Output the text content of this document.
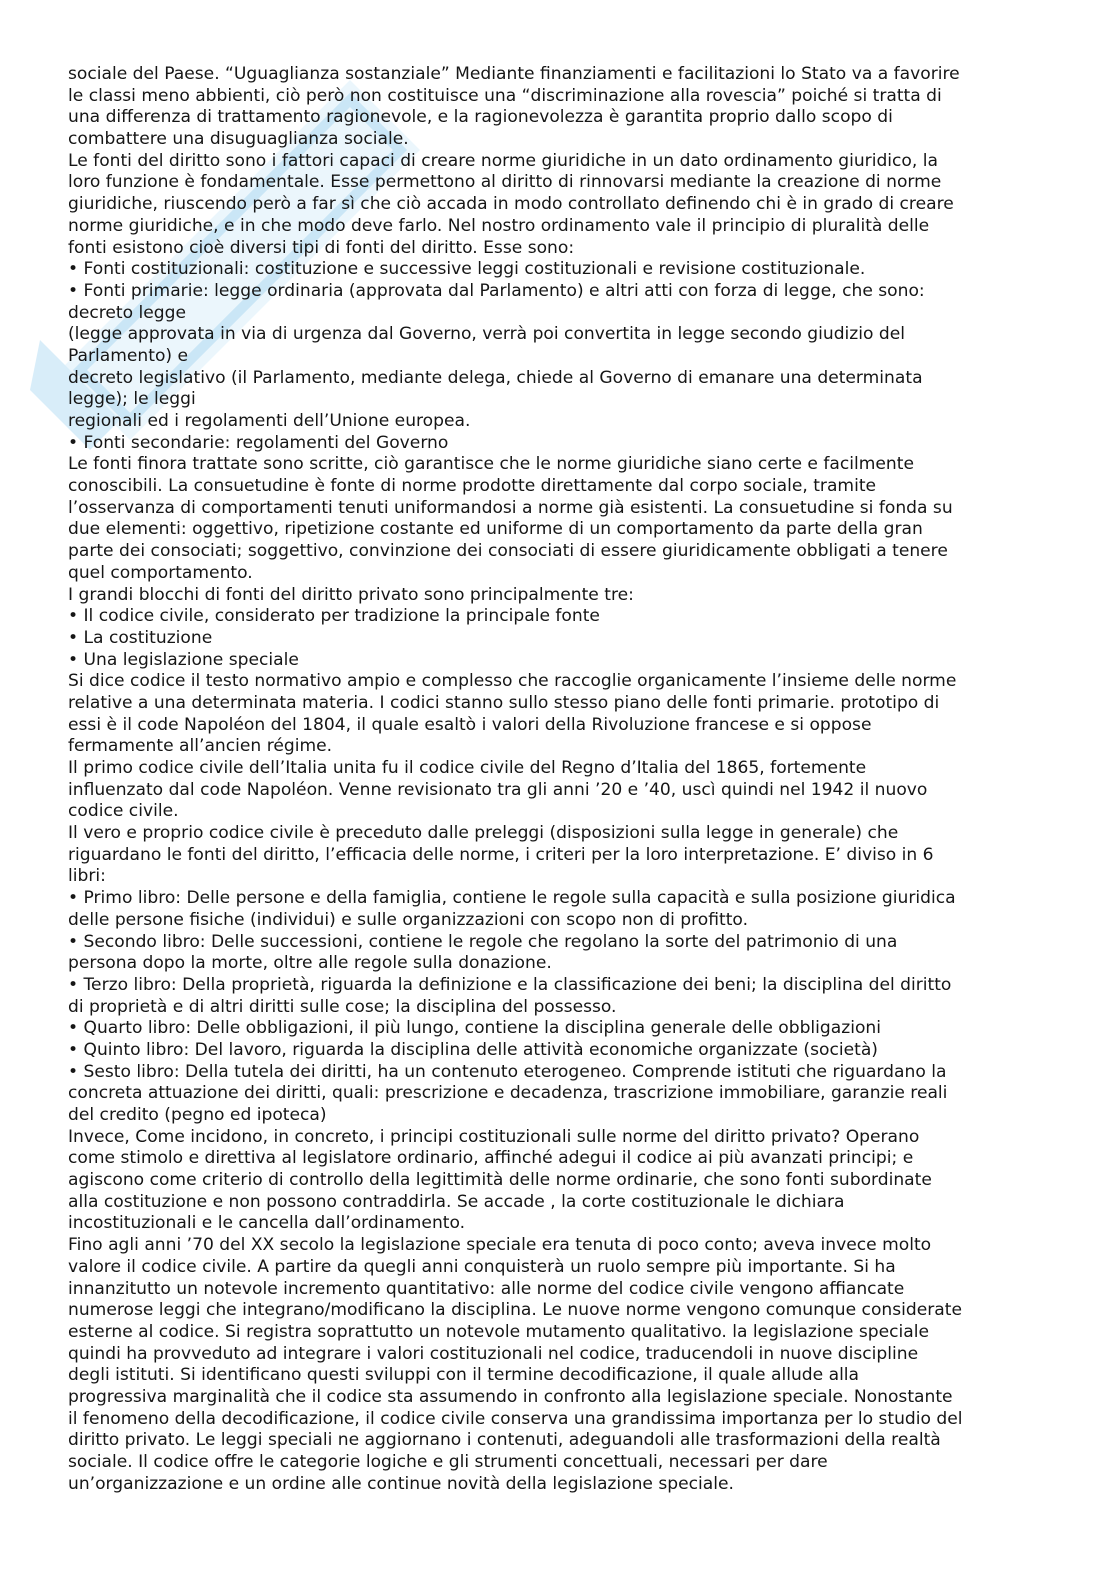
sociale del Paese. “Uguaglianza sostanziale” Mediante finanziamenti e facilitazioni lo Stato va a favorire
le classi meno abbienti, ciò però non costituisce una “discriminazione alla rovescia” poiché si tratta di
una differenza di trattamento ragionevole, e la ragionevolezza è garantita proprio dallo scopo di
combattere una disuguaglianza sociale.
Le fonti del diritto sono i fattori capaci di creare norme giuridiche in un dato ordinamento giuridico, la
loro funzione è fondamentale. Esse permettono al diritto di rinnovarsi mediante la creazione di norme
giuridiche, riuscendo però a far sì che ciò accada in modo controllato definendo chi è in grado di creare
norme giuridiche, e in che modo deve farlo. Nel nostro ordinamento vale il principio di pluralità delle
fonti esistono cioè diversi tipi di fonti del diritto. Esse sono:
• Fonti costituzionali: costituzione e successive leggi costituzionali e revisione costituzionale.
• Fonti primarie: legge ordinaria (approvata dal Parlamento) e altri atti con forza di legge, che sono:
decreto legge
(legge approvata in via di urgenza dal Governo, verrà poi convertita in legge secondo giudizio del
Parlamento) e
decreto legislativo (il Parlamento, mediante delega, chiede al Governo di emanare una determinata
legge); le leggi
regionali ed i regolamenti dell’Unione europea.
• Fonti secondarie: regolamenti del Governo
Le fonti finora trattate sono scritte, ciò garantisce che le norme giuridiche siano certe e facilmente
conoscibili. La consuetudine è fonte di norme prodotte direttamente dal corpo sociale, tramite
l’osservanza di comportamenti tenuti uniformandosi a norme già esistenti. La consuetudine si fonda su
due elementi: oggettivo, ripetizione costante ed uniforme di un comportamento da parte della gran
parte dei consociati; soggettivo, convinzione dei consociati di essere giuridicamente obbligati a tenere
quel comportamento.
I grandi blocchi di fonti del diritto privato sono principalmente tre:
• Il codice civile, considerato per tradizione la principale fonte
• La costituzione
• Una legislazione speciale
Si dice codice il testo normativo ampio e complesso che raccoglie organicamente l’insieme delle norme
relative a una determinata materia. I codici stanno sullo stesso piano delle fonti primarie. prototipo di
essi è il code Napoléon del 1804, il quale esaltò i valori della Rivoluzione francese e si oppose
fermamente all’ancien régime.
Il primo codice civile dell’Italia unita fu il codice civile del Regno d’Italia del 1865, fortemente
influenzato dal code Napoléon. Venne revisionato tra gli anni ’20 e ’40, uscì quindi nel 1942 il nuovo
codice civile.
Il vero e proprio codice civile è preceduto dalle preleggi (disposizioni sulla legge in generale) che
riguardano le fonti del diritto, l’efficacia delle norme, i criteri per la loro interpretazione. E’ diviso in 6
libri:
• Primo libro: Delle persone e della famiglia, contiene le regole sulla capacità e sulla posizione giuridica
delle persone fisiche (individui) e sulle organizzazioni con scopo non di profitto.
• Secondo libro: Delle successioni, contiene le regole che regolano la sorte del patrimonio di una
persona dopo la morte, oltre alle regole sulla donazione.
• Terzo libro: Della proprietà, riguarda la definizione e la classificazione dei beni; la disciplina del diritto
di proprietà e di altri diritti sulle cose; la disciplina del possesso.
• Quarto libro: Delle obbligazioni, il più lungo, contiene la disciplina generale delle obbligazioni
• Quinto libro: Del lavoro, riguarda la disciplina delle attività economiche organizzate (società)
• Sesto libro: Della tutela dei diritti, ha un contenuto eterogeneo. Comprende istituti che riguardano la
concreta attuazione dei diritti, quali: prescrizione e decadenza, trascrizione immobiliare, garanzie reali
del credito (pegno ed ipoteca)
Invece, Come incidono, in concreto, i principi costituzionali sulle norme del diritto privato? Operano
come stimolo e direttiva al legislatore ordinario, affinché adegui il codice ai più avanzati principi; e
agiscono come criterio di controllo della legittimità delle norme ordinarie, che sono fonti subordinate
alla costituzione e non possono contraddirla. Se accade , la corte costituzionale le dichiara
incostituzionali e le cancella dall’ordinamento.
Fino agli anni ’70 del XX secolo la legislazione speciale era tenuta di poco conto; aveva invece molto
valore il codice civile. A partire da quegli anni conquisterà un ruolo sempre più importante. Si ha
innanzitutto un notevole incremento quantitativo: alle norme del codice civile vengono affiancate
numerose leggi che integrano/modificano la disciplina. Le nuove norme vengono comunque considerate
esterne al codice. Si registra soprattutto un notevole mutamento qualitativo. la legislazione speciale
quindi ha provveduto ad integrare i valori costituzionali nel codice, traducendoli in nuove discipline
degli istituti. Si identificano questi sviluppi con il termine decodificazione, il quale allude alla
progressiva marginalità che il codice sta assumendo in confronto alla legislazione speciale. Nonostante
il fenomeno della decodificazione, il codice civile conserva una grandissima importanza per lo studio del
diritto privato. Le leggi speciali ne aggiornano i contenuti, adeguandoli alle trasformazioni della realtà
sociale. Il codice offre le categorie logiche e gli strumenti concettuali, necessari per dare
un’organizzazione e un ordine alle continue novità della legislazione speciale.
